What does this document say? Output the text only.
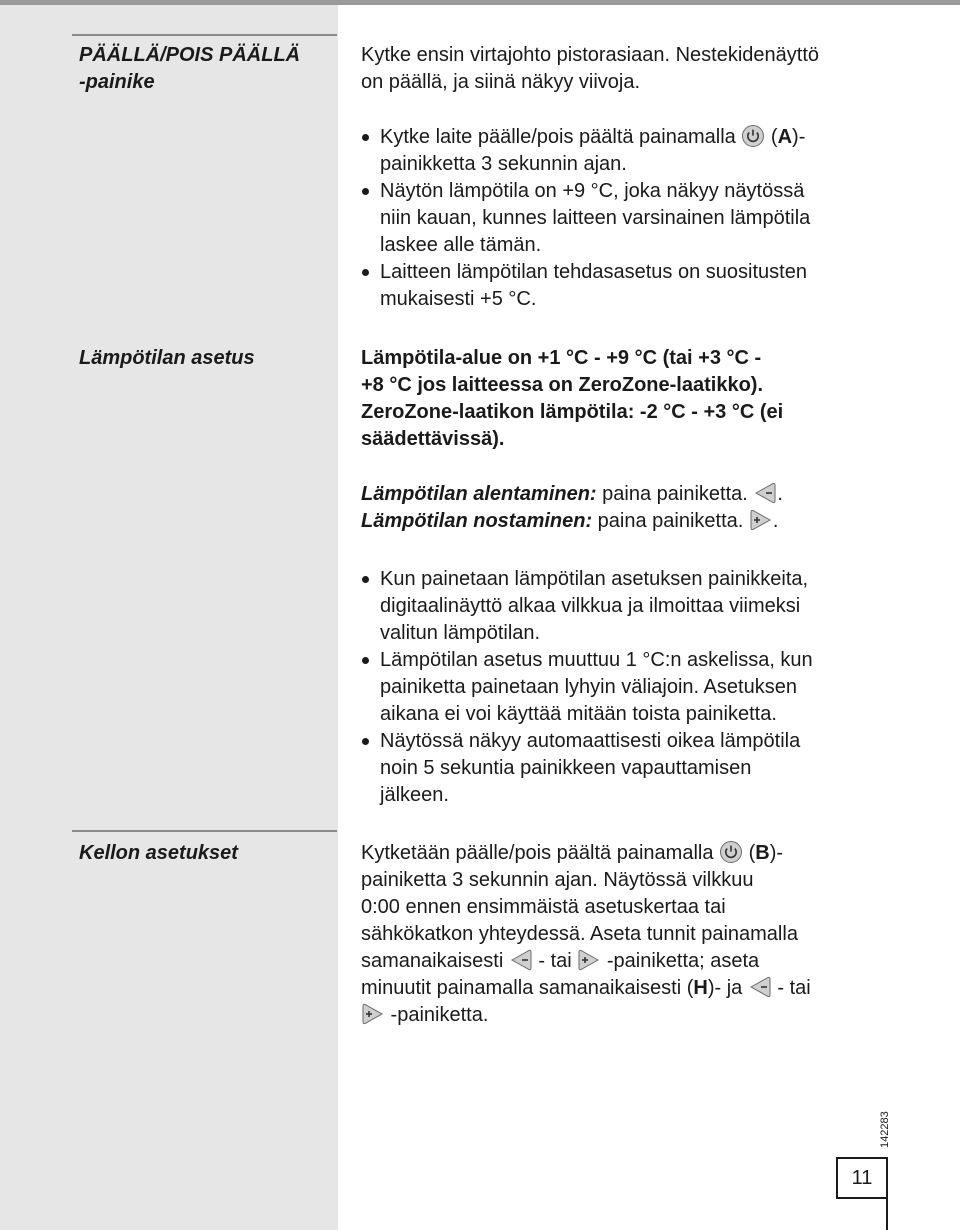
PÄÄLLÄ/POIS PÄÄLLÄ
-painike

Kytke ensin virtajohto pistorasiaan. Nestekidenäyttö

on päällä, ja siinä näkyy viivoja.

Kytke laite päälle/pois päältä painamalla (A)-
painikketta 3 sekunnin ajan.
Näytön lämpötila on +9 °C, joka näkyy näytössä
niin kauan, kunnes laitteen varsinainen lämpötila
laskee alle tämän.
Laitteen lämpötilan tehdasasetus on suositusten
mukaisesti +5 °C.
Lämpötilan asetus	Lämpötila-alue on +1 °C - +9 °C (tai +3 °C -

+8 °C jos laitteessa on ZeroZone-laatikko).

ZeroZone-laatikon lämpötila: -2 °C - +3 °C (ei

säädettävissä).

Lämpötilan alentaminen: paina painiketta.
.

Lämpötilan nostaminen: paina painiketta.
.

Kun painetaan lämpötilan asetuksen painikkeita,
digitaalinäyttö alkaa vilkkua ja ilmoittaa viimeksi
valitun lämpötilan.
Lämpötilan asetus muuttuu 1 °C:n askelissa, kun
painiketta painetaan lyhyin väliajoin. Asetuksen
aikana ei voi käyttää mitään toista painiketta.
Näytössä näkyy automaattisesti oikea lämpötila
noin 5 sekuntia painikkeen vapauttamisen
jälkeen.
Kellon asetukset	Kytketään päälle/pois päältä painamalla
(B)-

painiketta 3 sekunnin ajan. Näytössä vilkkuu

0:00 ennen ensimmäistä asetuskertaa tai

sähkökatkon yhteydessä. Aseta tunnit painamalla

samanaikaisesti
- tai
-painiketta; aseta

minuutit painamalla samanaikaisesti (H)- ja
- tai

-painiketta.

142283
11
